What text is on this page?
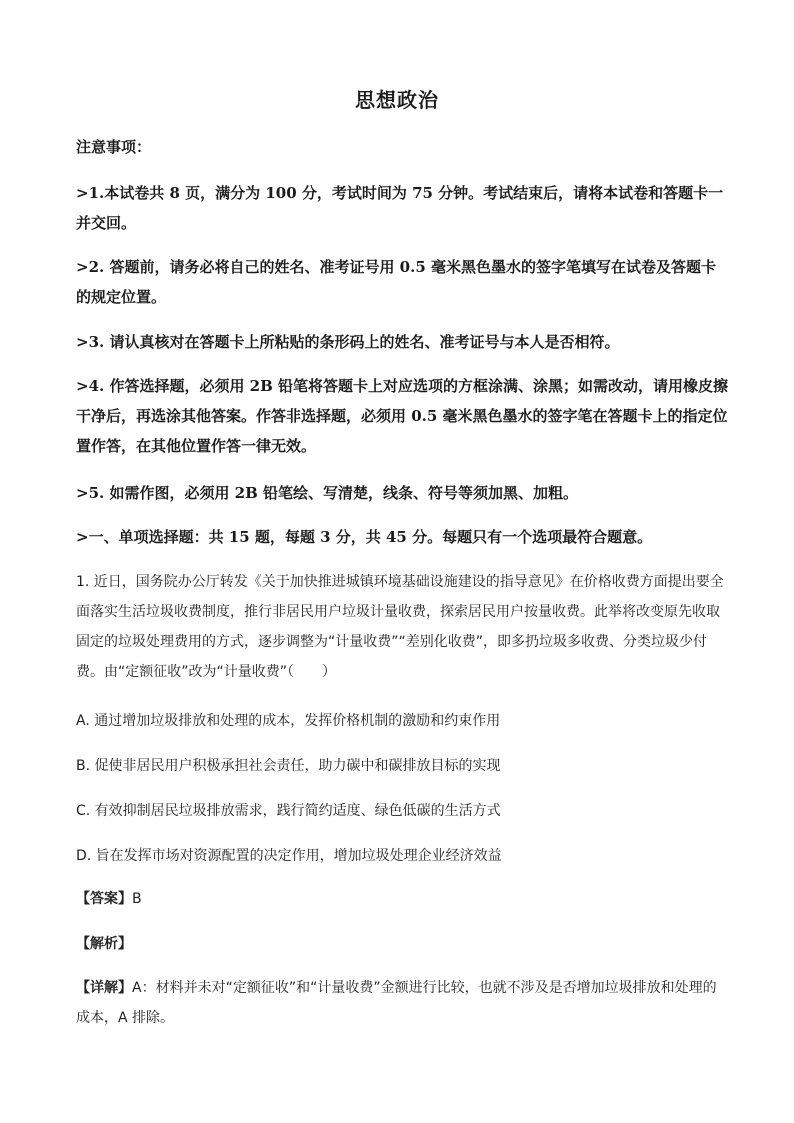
思想政治
注意事项：
>1.本试卷共 8 页，满分为 100 分，考试时间为 75 分钟。考试结束后，请将本试卷和答题卡一并交回。
>2. 答题前，请务必将自己的姓名、准考证号用 0.5 毫米黑色墨水的签字笔填写在试卷及答题卡的规定位置。
>3. 请认真核对在答题卡上所粘贴的条形码上的姓名、准考证号与本人是否相符。
>4. 作答选择题，必须用 2B 铅笔将答题卡上对应选项的方框涂满、涂黑；如需改动，请用橡皮擦干净后，再选涂其他答案。作答非选择题，必须用 0.5 毫米黑色墨水的签字笔在答题卡上的指定位置作答，在其他位置作答一律无效。
>5. 如需作图，必须用 2B 铅笔绘、写清楚，线条、符号等须加黑、加粗。
>一、单项选择题：共 15 题，每题 3 分，共 45 分。每题只有一个选项最符合题意。
1. 近日，国务院办公厅转发《关于加快推进城镇环境基础设施建设的指导意见》在价格收费方面提出要全面落实生活垃圾收费制度，推行非居民用户垃圾计量收费，探索居民用户按量收费。此举将改变原先收取固定的垃圾处理费用的方式，逐步调整为“计量收费”“差别化收费”，即多扔垃圾多收费、分类垃圾少付费。由“定额征收”改为“计量收费”（　　）
A. 通过增加垃圾排放和处理的成本，发挥价格机制的激励和约束作用
B. 促使非居民用户积极承担社会责任，助力碳中和碳排放目标的实现
C. 有效抑制居民垃圾排放需求，践行简约适度、绿色低碳的生活方式
D. 旨在发挥市场对资源配置的决定作用，增加垃圾处理企业经济效益
【答案】B
【解析】
【详解】A：材料并未对“定额征收”和“计量收费”金额进行比较，也就不涉及是否增加垃圾排放和处理的成本，A 排除。
